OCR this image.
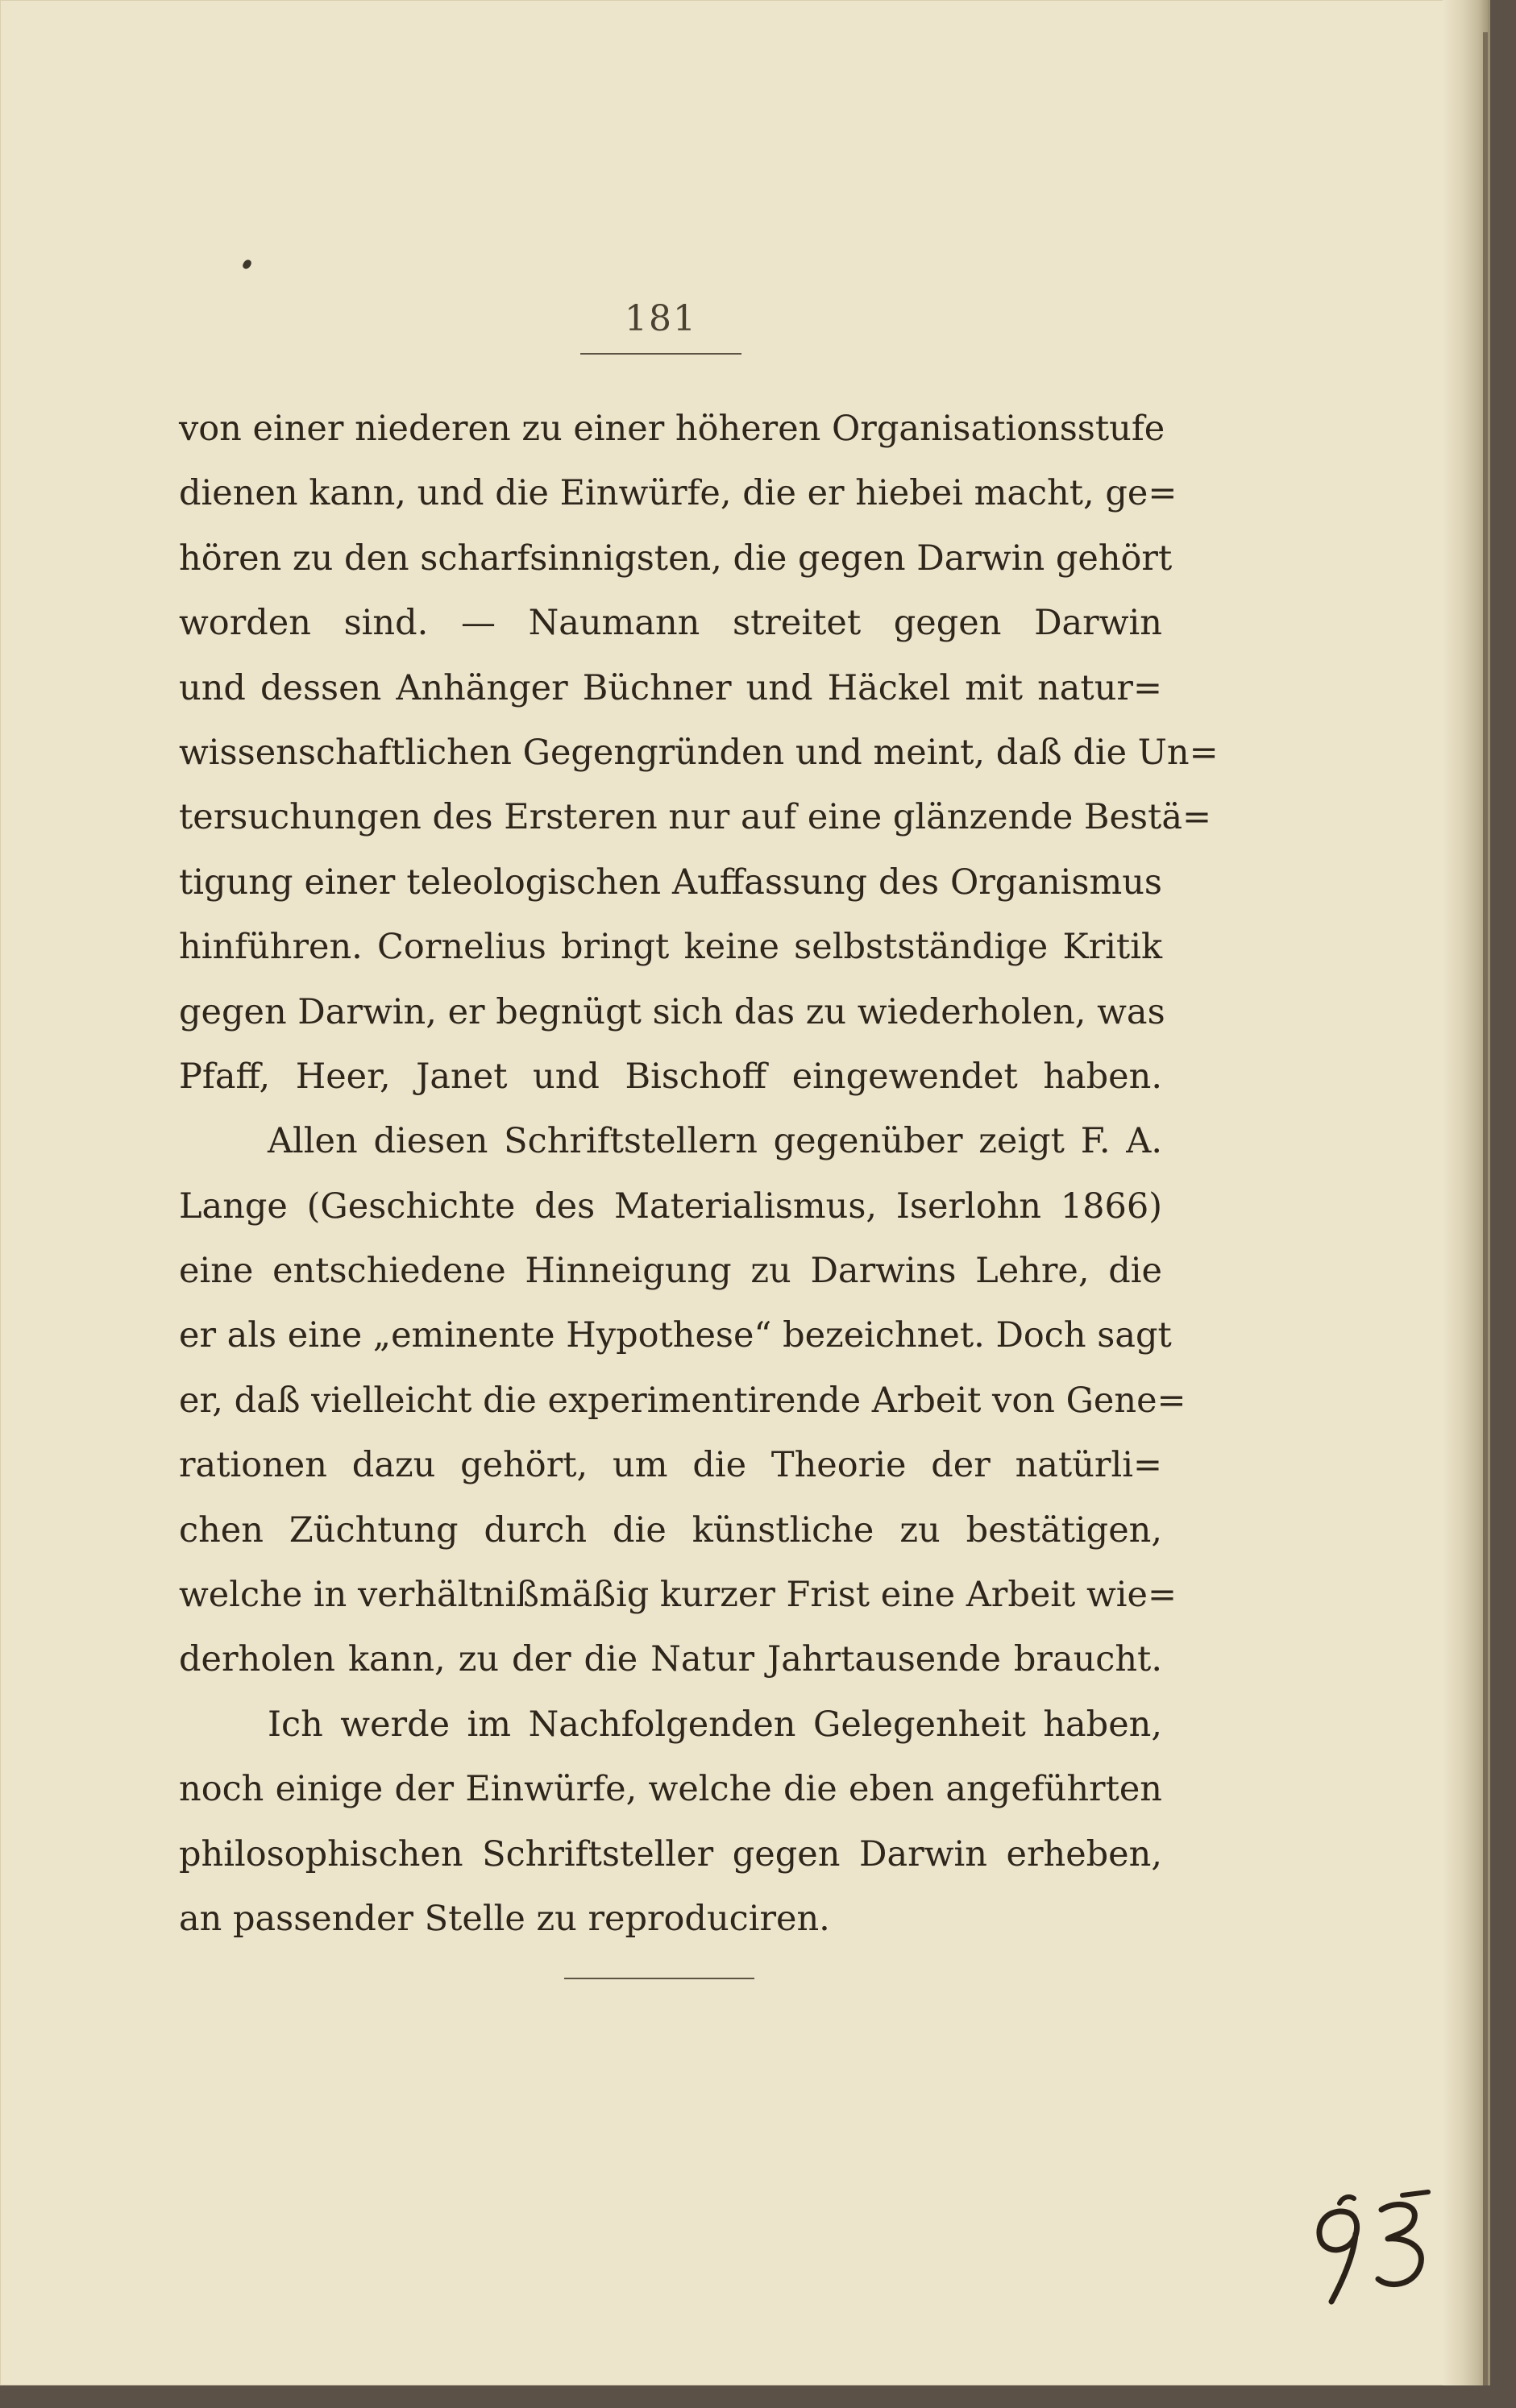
181
von einer niederen zu einer höheren Organisationsstufe
dienen kann, und die Einwürfe, die er hiebei macht, ge=
hören zu den scharfsinnigsten, die gegen Darwin gehört
worden sind. — Naumann streitet gegen Darwin
und dessen Anhänger Büchner und Häckel mit natur=
wissenschaftlichen Gegengründen und meint, daß die Un=
tersuchungen des Ersteren nur auf eine glänzende Bestä=
tigung einer teleologischen Auffassung des Organismus
hinführen. Cornelius bringt keine selbstständige Kritik
gegen Darwin, er begnügt sich das zu wiederholen, was
Pfaff, Heer, Janet und Bischoff eingewendet haben.
Allen diesen Schriftstellern gegenüber zeigt F. A.
Lange (Geschichte des Materialismus, Iserlohn 1866)
eine entschiedene Hinneigung zu Darwins Lehre, die
er als eine „eminente Hypothese“ bezeichnet. Doch sagt
er, daß vielleicht die experimentirende Arbeit von Gene=
rationen dazu gehört, um die Theorie der natürli=
chen Züchtung durch die künstliche zu bestätigen,
welche in verhältnißmäßig kurzer Frist eine Arbeit wie=
derholen kann, zu der die Natur Jahrtausende braucht.
Ich werde im Nachfolgenden Gelegenheit haben,
noch einige der Einwürfe, welche die eben angeführten
philosophischen Schriftsteller gegen Darwin erheben,
an passender Stelle zu reproduciren.
